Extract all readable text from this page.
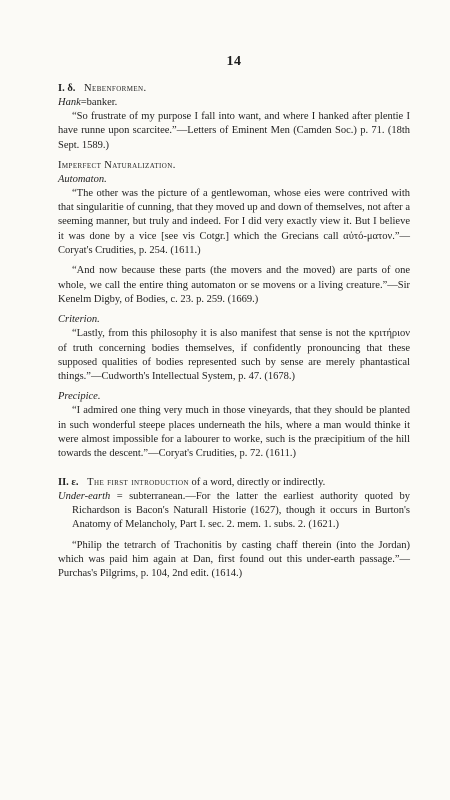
14

I. δ. Nebenformen.

Hank=banker.

“So frustrate of my purpose I fall into want, and where I hanked after plentie I have runne upon scarcitee.”—Letters of Eminent Men (Camden Soc.) p. 71. (18th Sept. 1589.)

Imperfect Naturalization.

Automaton.

“The other was the picture of a gentlewoman, whose eies were contrived with that singularitie of cunning, that they moved up and down of themselves, not after a seeming manner, but truly and indeed. For I did very exactly view it. But I believe it was done by a vice [see vis Cotgr.] which the Grecians call αὐτό-ματον.”—Coryat's Crudities, p. 254. (1611.)

“And now because these parts (the movers and the moved) are parts of one whole, we call the entire thing automaton or se movens or a living creature.”—Sir Kenelm Digby, of Bodies, c. 23. p. 259. (1669.)

Criterion.

“Lastly, from this philosophy it is also manifest that sense is not the κριτήριον of truth concerning bodies themselves, if confidently pronouncing that these supposed qualities of bodies represented such by sense are merely phantastical things.”—Cudworth's Intellectual System, p. 47. (1678.)

Precipice.

“I admired one thing very much in those vineyards, that they should be planted in such wonderful steepe places underneath the hils, where a man would thinke it were almost impossible for a labourer to worke, such is the præcipitium of the hill towards the descent.”—Coryat's Crudities, p. 72. (1611.)

II. ε. The first introduction of a word, directly or indirectly.

Under-earth = subterranean.—For the latter the earliest authority quoted by Richardson is Bacon's Naturall Historie (1627), though it occurs in Burton's Anatomy of Melancholy, Part I. sec. 2. mem. 1. subs. 2. (1621.)

“Philip the tetrarch of Trachonitis by casting chaff therein (into the Jordan) which was paid him again at Dan, first found out this under-earth passage.”—Purchas's Pilgrims, p. 104, 2nd edit. (1614.)
